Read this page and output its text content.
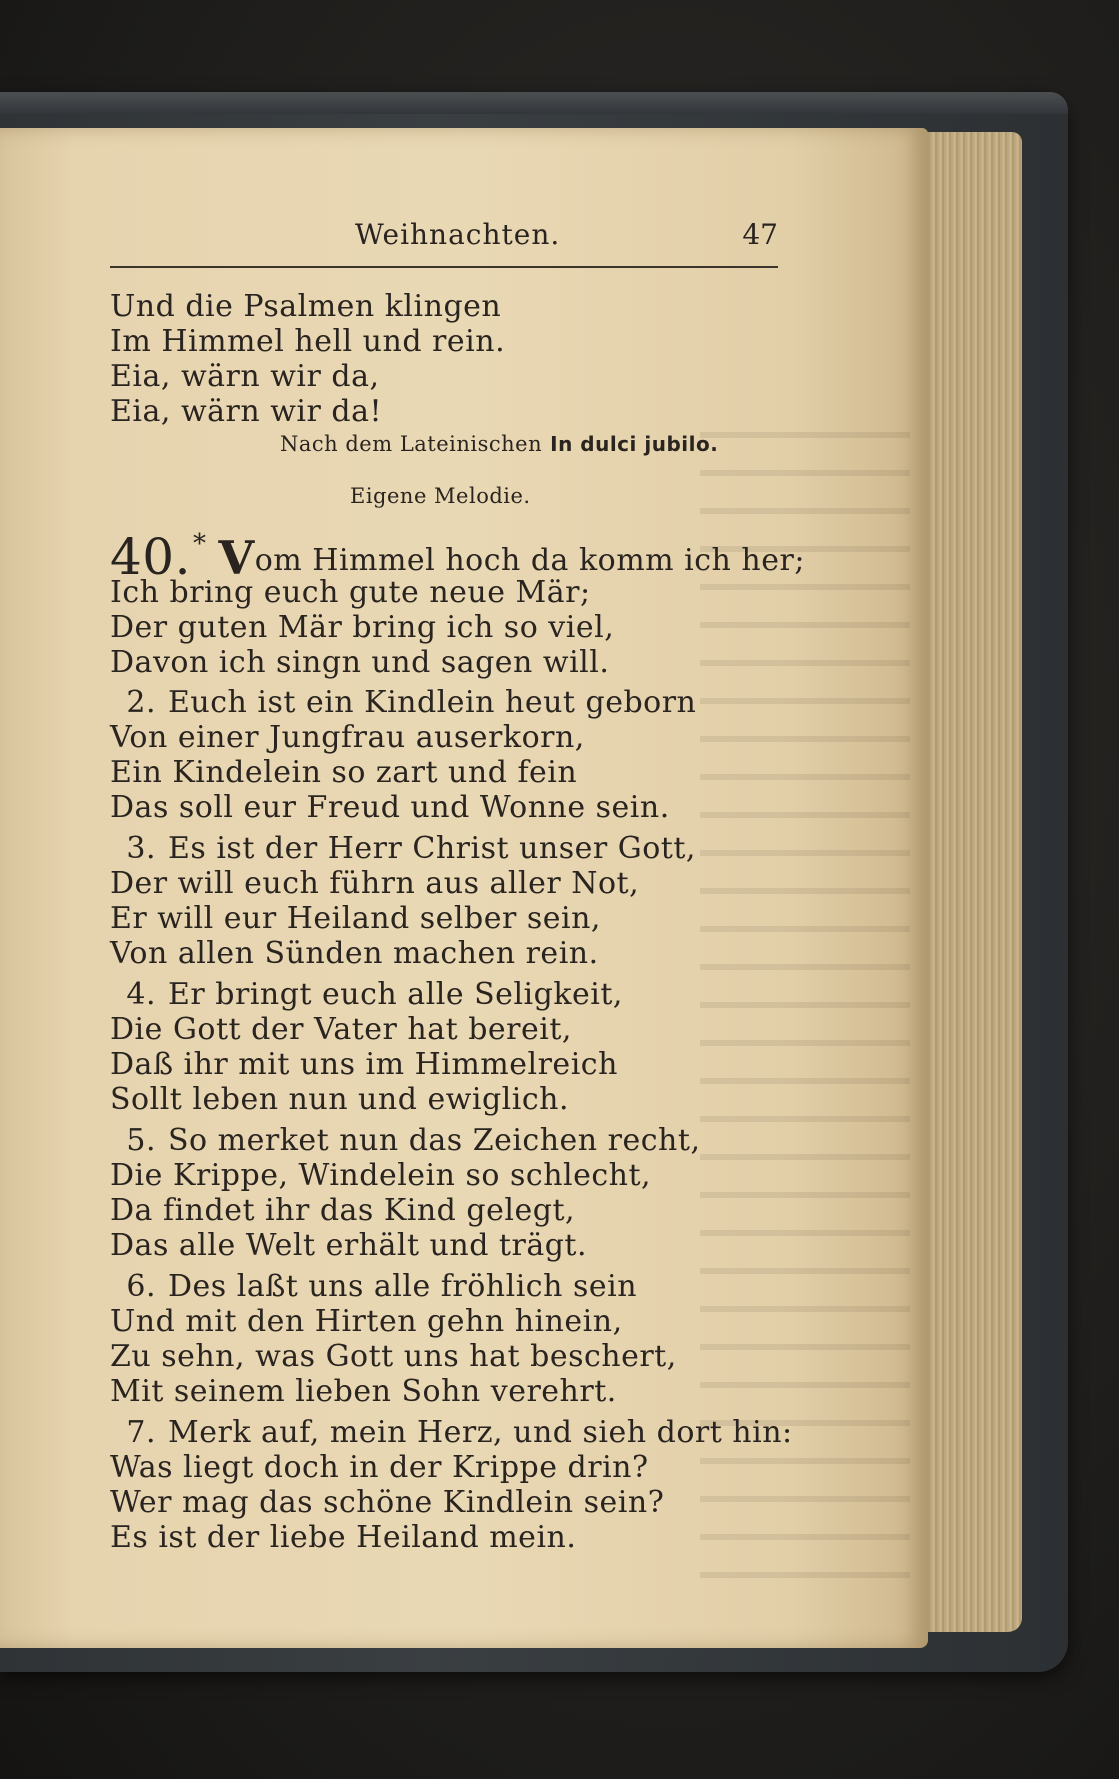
Weihnachten.	47
Und die Psalmen klingen
Im Himmel hell und rein.
Eia, wärn wir da,
Eia, wärn wir da!
Nach dem Lateinischen In dulci jubilo.
Eigene Melodie.
40.* Vom Himmel hoch da komm ich her;
Ich bring euch gute neue Mär;
Der guten Mär bring ich so viel,
Davon ich singn und sagen will.
2. Euch ist ein Kindlein heut geborn
Von einer Jungfrau auserkorn,
Ein Kindelein so zart und fein
Das soll eur Freud und Wonne sein.
3. Es ist der Herr Christ unser Gott,
Der will euch führn aus aller Not,
Er will eur Heiland selber sein,
Von allen Sünden machen rein.
4. Er bringt euch alle Seligkeit,
Die Gott der Vater hat bereit,
Daß ihr mit uns im Himmelreich
Sollt leben nun und ewiglich.
5. So merket nun das Zeichen recht,
Die Krippe, Windelein so schlecht,
Da findet ihr das Kind gelegt,
Das alle Welt erhält und trägt.
6. Des laßt uns alle fröhlich sein
Und mit den Hirten gehn hinein,
Zu sehn, was Gott uns hat beschert,
Mit seinem lieben Sohn verehrt.
7. Merk auf, mein Herz, und sieh dort hin:
Was liegt doch in der Krippe drin?
Wer mag das schöne Kindlein sein?
Es ist der liebe Heiland mein.
